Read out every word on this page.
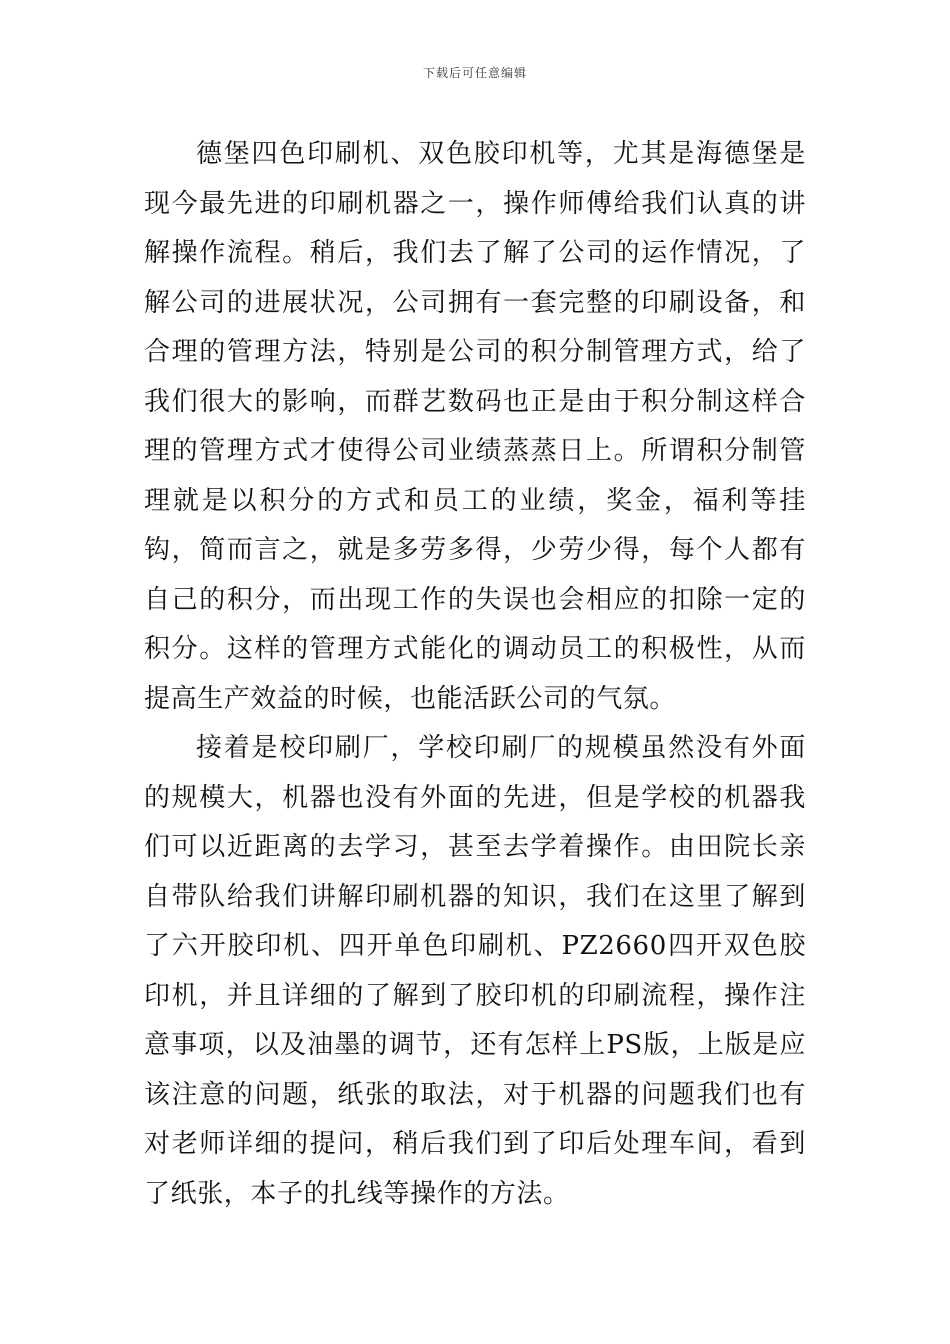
下载后可任意编辑

德堡四色印刷机、双色胶印机等，尤其是海德堡是现今最先进的印刷机器之一，操作师傅给我们认真的讲解操作流程。稍后，我们去了解了公司的运作情况，了解公司的进展状况，公司拥有一套完整的印刷设备，和合理的管理方法，特别是公司的积分制管理方式，给了我们很大的影响，而群艺数码也正是由于积分制这样合理的管理方式才使得公司业绩蒸蒸日上。所谓积分制管理就是以积分的方式和员工的业绩，奖金，福利等挂钩，简而言之，就是多劳多得，少劳少得，每个人都有自己的积分，而出现工作的失误也会相应的扣除一定的积分。这样的管理方式能化的调动员工的积极性，从而提高生产效益的时候，也能活跃公司的气氛。

接着是校印刷厂，学校印刷厂的规模虽然没有外面的规模大，机器也没有外面的先进，但是学校的机器我们可以近距离的去学习，甚至去学着操作。由田院长亲自带队给我们讲解印刷机器的知识，我们在这里了解到了六开胶印机、四开单色印刷机、PZ2660四开双色胶印机，并且详细的了解到了胶印机的印刷流程，操作注意事项，以及油墨的调节，还有怎样上PS版，上版是应该注意的问题，纸张的取法，对于机器的问题我们也有对老师详细的提问，稍后我们到了印后处理车间，看到了纸张，本子的扎线等操作的方法。
